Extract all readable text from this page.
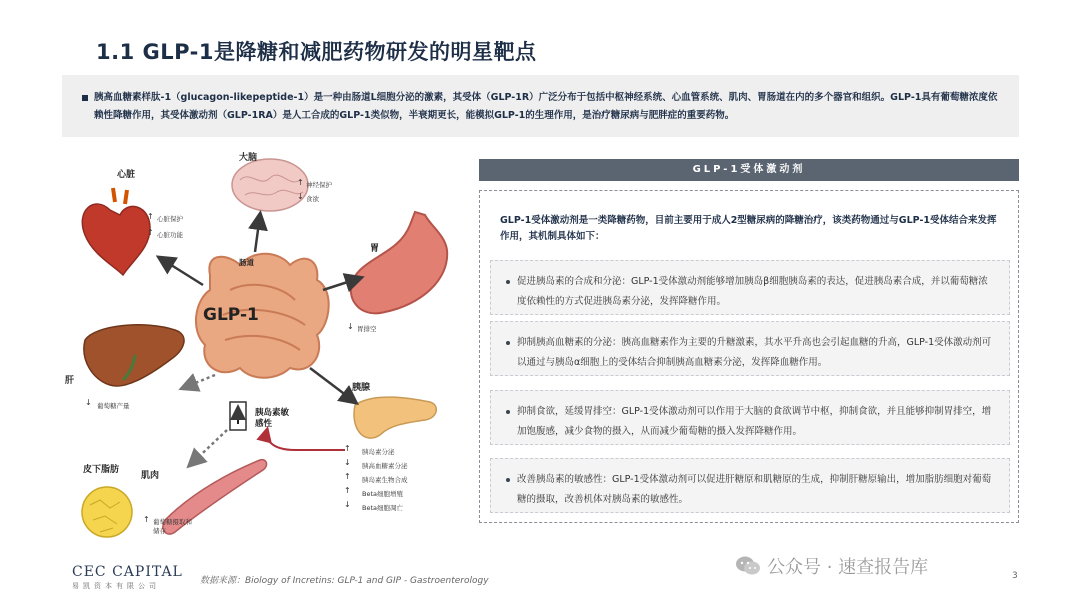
1.1 GLP-1是降糖和减肥药物研发的明星靶点

胰高血糖素样肽-1（glucagon-likepeptide-1）是一种由肠道L细胞分泌的激素，其受体（GLP-1R）广泛分布于包括中枢神经系统、心血管系统、肌肉、胃肠道在内的多个器官和组织。GLP-1具有葡萄糖浓度依赖性降糖作用，其受体激动剂（GLP-1RA）是人工合成的GLP-1类似物，半衰期更长，能模拟GLP-1的生理作用，是治疗糖尿病与肥胖症的重要药物。

GLP-1
肠道
大脑
↑ 神经保护
↓ 食欲
心脏
↑ 心脏保护
↑ 心脏功能
胃
↓ 胃排空
肝
↓ 葡萄糖产量
胰岛素敏感性
胰腺
↑ 胰岛素分泌
↓ 胰高血糖素分泌
↑ 胰岛素生物合成
↑ Beta细胞增殖
↓ Beta细胞凋亡
皮下脂肪
肌肉
↑ 葡萄糖摄取和储存
GLP-1受体激动剂
GLP-1受体激动剂是一类降糖药物，目前主要用于成人2型糖尿病的降糖治疗，该类药物通过与GLP-1受体结合来发挥作用，其机制具体如下：

促进胰岛素的合成和分泌：GLP-1受体激动剂能够增加胰岛β细胞胰岛素的表达，促进胰岛素合成，并以葡萄糖浓度依赖性的方式促进胰岛素分泌，发挥降糖作用。

抑制胰高血糖素的分泌：胰高血糖素作为主要的升糖激素，其水平升高也会引起血糖的升高，GLP-1受体激动剂可以通过与胰岛α细胞上的受体结合抑制胰高血糖素分泌，发挥降血糖作用。

抑制食欲，延缓胃排空：GLP-1受体激动剂可以作用于大脑的食欲调节中枢，抑制食欲，并且能够抑制胃排空，增加饱腹感，减少食物的摄入，从而减少葡萄糖的摄入发挥降糖作用。

改善胰岛素的敏感性：GLP-1受体激动剂可以促进肝糖原和肌糖原的生成，抑制肝糖原输出，增加脂肪细胞对葡萄糖的摄取，改善机体对胰岛素的敏感性。

CEC CAPITAL
易凯资本有限公司	数据来源：Biology of Incretins: GLP-1 and GIP - Gastroenterology
公众号 · 速查报告库	3
